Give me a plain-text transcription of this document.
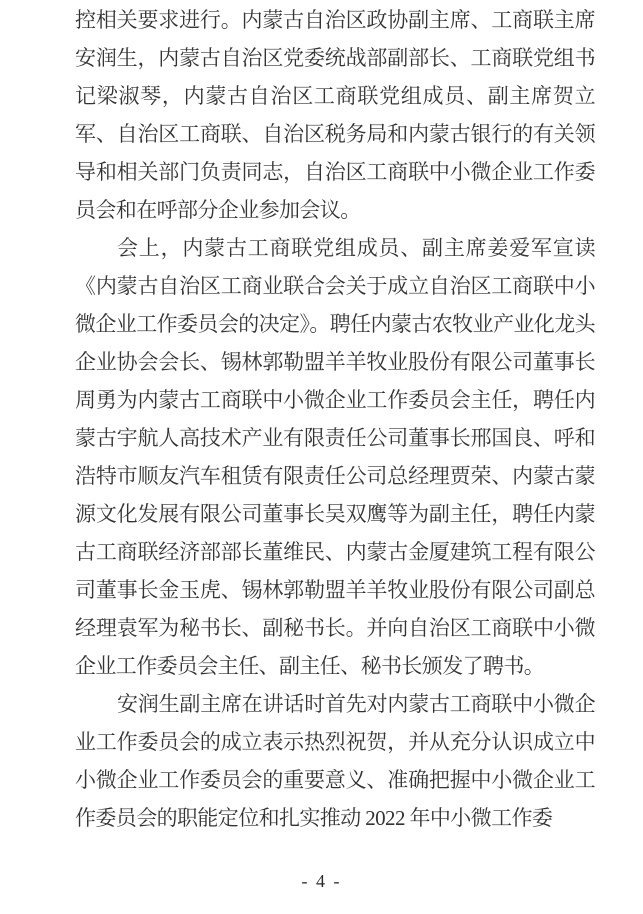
控相关要求进行。内蒙古自治区政协副主席、工商联主席安润生，内蒙古自治区党委统战部副部长、工商联党组书记梁淑琴，内蒙古自治区工商联党组成员、副主席贺立军、自治区工商联、自治区税务局和内蒙古银行的有关领导和相关部门负责同志，自治区工商联中小微企业工作委员会和在呼部分企业参加会议。

会上，内蒙古工商联党组成员、副主席姜爱军宣读《内蒙古自治区工商业联合会关于成立自治区工商联中小微企业工作委员会的决定》。聘任内蒙古农牧业产业化龙头企业协会会长、锡林郭勒盟羊羊牧业股份有限公司董事长周勇为内蒙古工商联中小微企业工作委员会主任，聘任内蒙古宇航人高技术产业有限责任公司董事长邢国良、呼和浩特市顺友汽车租赁有限责任公司总经理贾荣、内蒙古蒙源文化发展有限公司董事长吴双鹰等为副主任，聘任内蒙古工商联经济部部长董维民、内蒙古金厦建筑工程有限公司董事长金玉虎、锡林郭勒盟羊羊牧业股份有限公司副总经理袁军为秘书长、副秘书长。并向自治区工商联中小微企业工作委员会主任、副主任、秘书长颁发了聘书。

安润生副主席在讲话时首先对内蒙古工商联中小微企业工作委员会的成立表示热烈祝贺，并从充分认识成立中小微企业工作委员会的重要意义、准确把握中小微企业工作委员会的职能定位和扎实推动 2022 年中小微工作委

- 4 -
